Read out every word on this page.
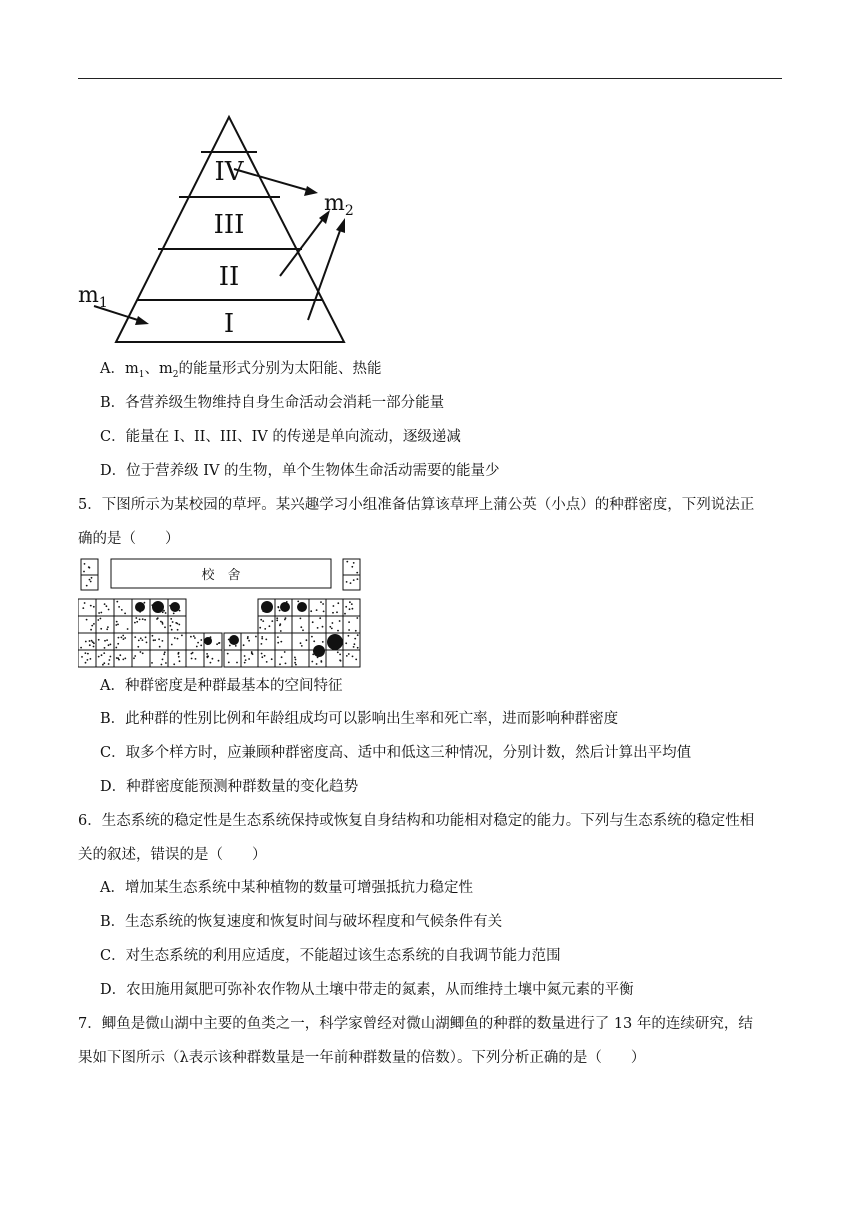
IV
III
II
I
$m_2$
$m_1$
A．$m_1$、$m_2$的能量形式分别为太阳能、热能
B．各营养级生物维持自身生命活动会消耗一部分能量
C．能量在 I、II、III、IV 的传递是单向流动，逐级递减
D．位于营养级 IV 的生物，单个生物体生命活动需要的能量少
5．下图所示为某校园的草坪。某兴趣学习小组准备估算该草坪上蒲公英（小点）的种群密度，下列说法正
确的是（　　）
校　舍
A．种群密度是种群最基本的空间特征
B．此种群的性别比例和年龄组成均可以影响出生率和死亡率，进而影响种群密度
C．取多个样方时，应兼顾种群密度高、适中和低这三种情况，分别计数，然后计算出平均值
D．种群密度能预测种群数量的变化趋势
6．生态系统的稳定性是生态系统保持或恢复自身结构和功能相对稳定的能力。下列与生态系统的稳定性相
关的叙述，错误的是（　　）
A．增加某生态系统中某种植物的数量可增强抵抗力稳定性
B．生态系统的恢复速度和恢复时间与破坏程度和气候条件有关
C．对生态系统的利用应适度，不能超过该生态系统的自我调节能力范围
D．农田施用氮肥可弥补农作物从土壤中带走的氮素，从而维持土壤中氮元素的平衡
7．鲫鱼是微山湖中主要的鱼类之一，科学家曾经对微山湖鲫鱼的种群的数量进行了 13 年的连续研究，结
果如下图所示（λ表示该种群数量是一年前种群数量的倍数）。下列分析正确的是（　　）
